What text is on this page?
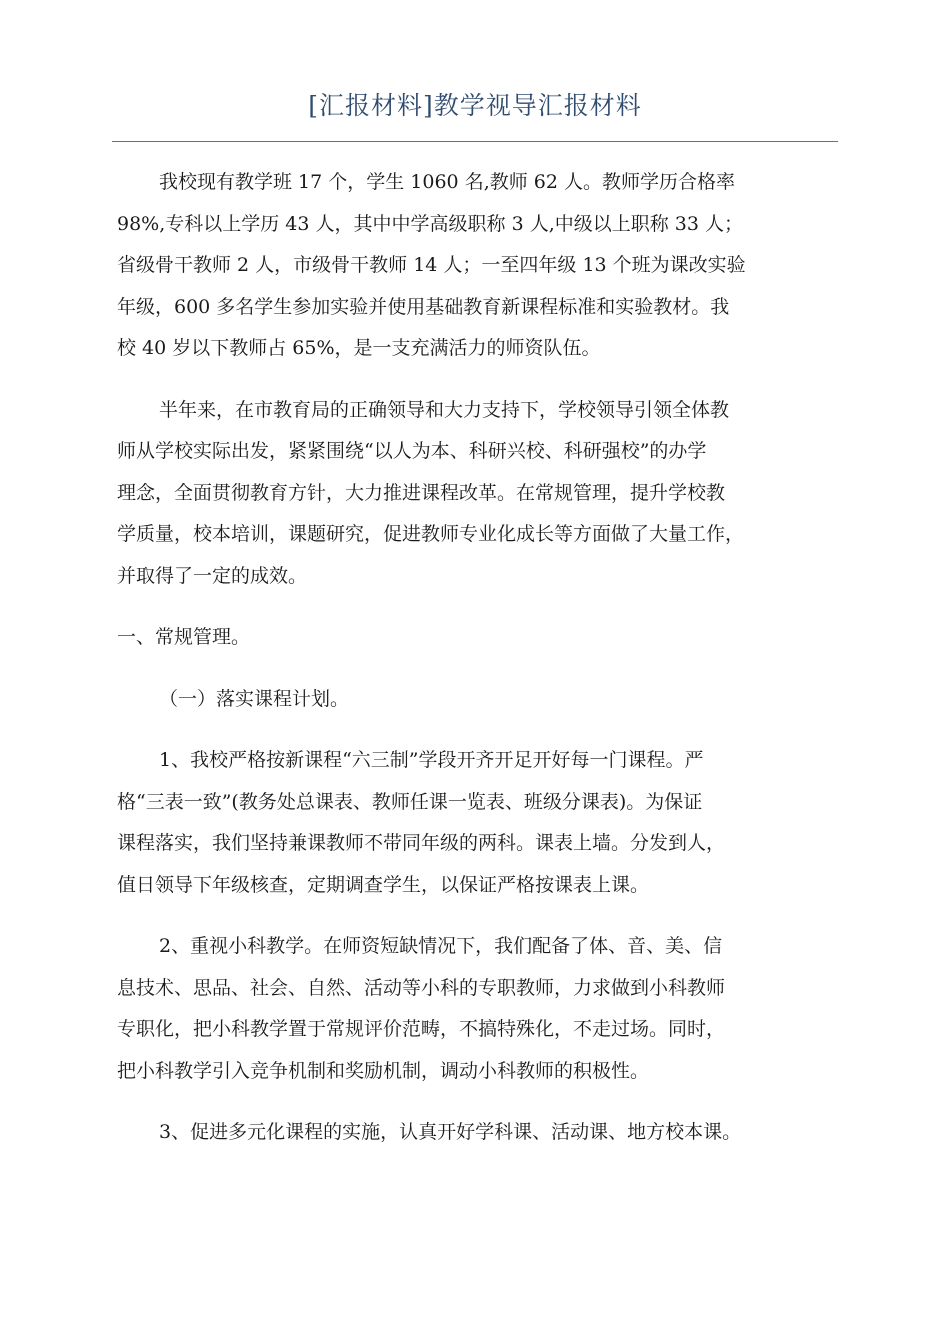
[汇报材料]教学视导汇报材料
我校现有教学班 17 个，学生 1060 名,教师 62 人。教师学历合格率
98%,专科以上学历 43 人，其中中学高级职称 3 人,中级以上职称 33 人；
省级骨干教师 2 人，市级骨干教师 14 人；一至四年级 13 个班为课改实验
年级，600 多名学生参加实验并使用基础教育新课程标准和实验教材。我
校 40 岁以下教师占 65%，是一支充满活力的师资队伍。
半年来，在市教育局的正确领导和大力支持下，学校领导引领全体教
师从学校实际出发，紧紧围绕“以人为本、科研兴校、科研强校”的办学
理念，全面贯彻教育方针，大力推进课程改革。在常规管理，提升学校教
学质量，校本培训，课题研究，促进教师专业化成长等方面做了大量工作，
并取得了一定的成效。
一、常规管理。
（一）落实课程计划。
1、我校严格按新课程“六三制”学段开齐开足开好每一门课程。严
格“三表一致”(教务处总课表、教师任课一览表、班级分课表)。为保证
课程落实，我们坚持兼课教师不带同年级的两科。课表上墙。分发到人，
值日领导下年级核查，定期调查学生，以保证严格按课表上课。
2、重视小科教学。在师资短缺情况下，我们配备了体、音、美、信
息技术、思品、社会、自然、活动等小科的专职教师，力求做到小科教师
专职化，把小科教学置于常规评价范畴，不搞特殊化，不走过场。同时，
把小科教学引入竞争机制和奖励机制，调动小科教师的积极性。
3、促进多元化课程的实施，认真开好学科课、活动课、地方校本课。
